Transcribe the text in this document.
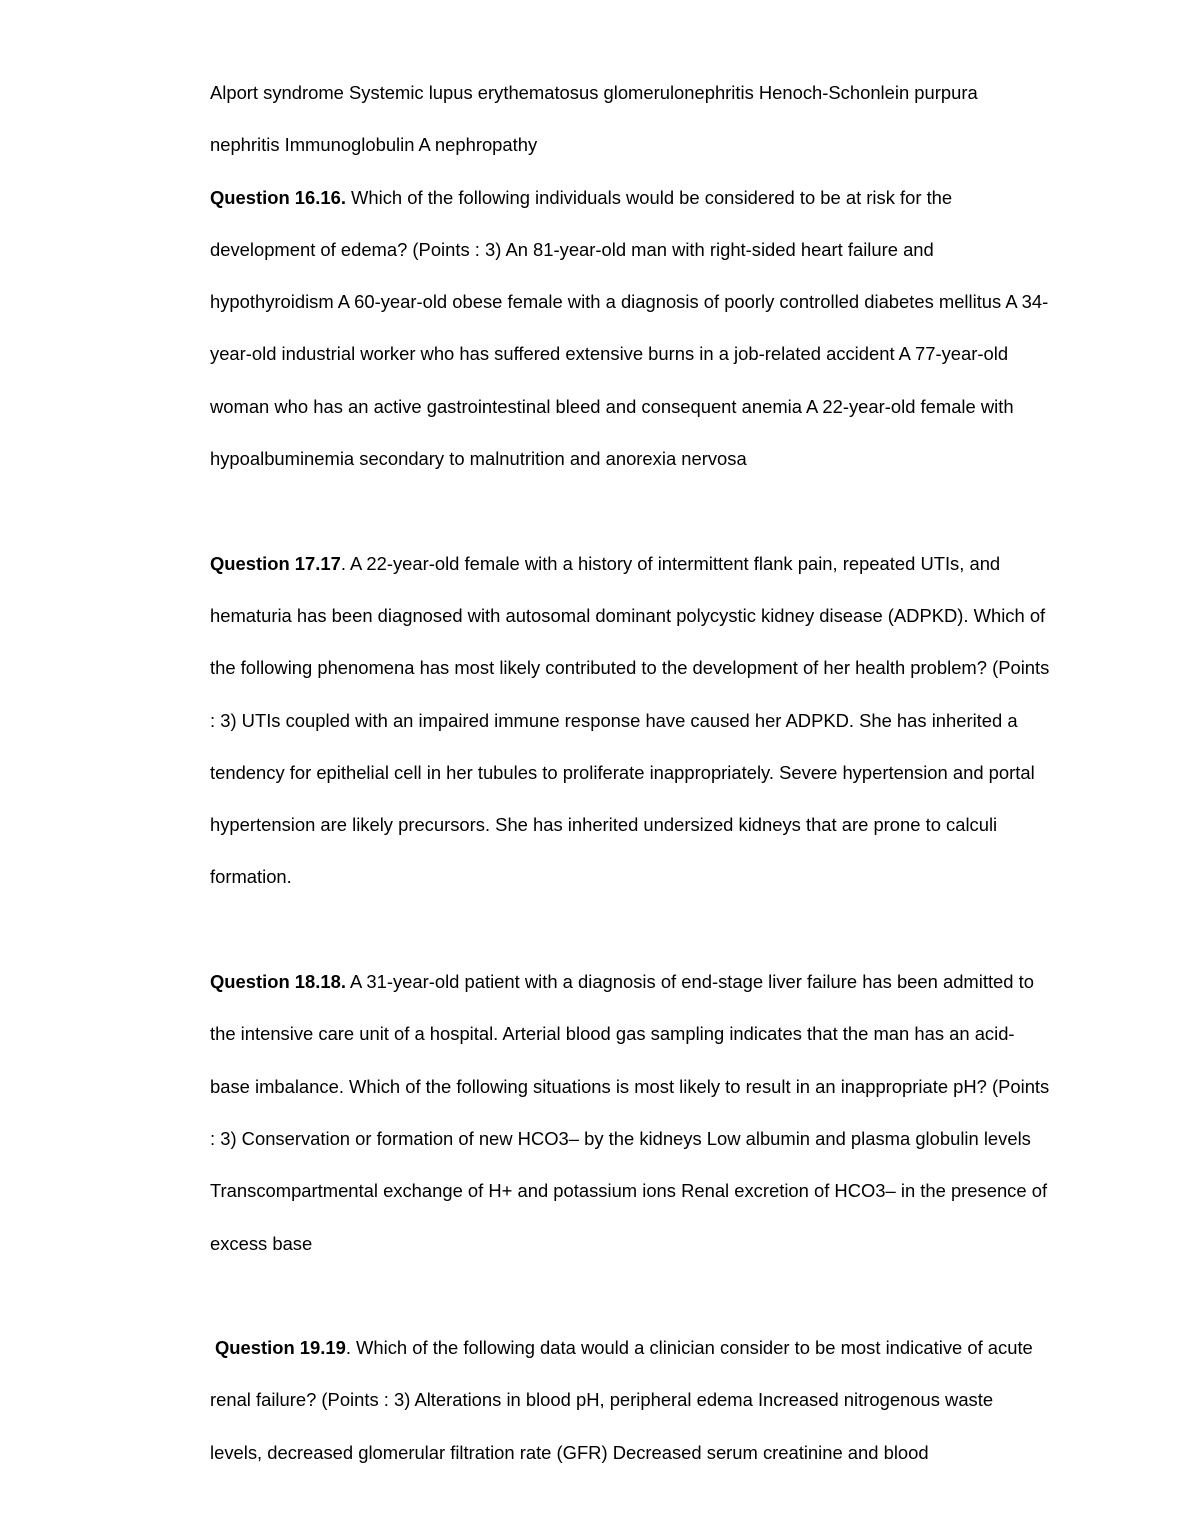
Alport syndrome Systemic lupus erythematosus glomerulonephritis Henoch-Schonlein purpura nephritis Immunoglobulin A nephropathy

Question 16.16. Which of the following individuals would be considered to be at risk for the development of edema? (Points : 3) An 81-year-old man with right-sided heart failure and hypothyroidism A 60-year-old obese female with a diagnosis of poorly controlled diabetes mellitus A 34-year-old industrial worker who has suffered extensive burns in a job-related accident A 77-year-old woman who has an active gastrointestinal bleed and consequent anemia A 22-year-old female with hypoalbuminemia secondary to malnutrition and anorexia nervosa

Question 17.17. A 22-year-old female with a history of intermittent flank pain, repeated UTIs, and hematuria has been diagnosed with autosomal dominant polycystic kidney disease (ADPKD). Which of the following phenomena has most likely contributed to the development of her health problem? (Points : 3) UTIs coupled with an impaired immune response have caused her ADPKD. She has inherited a tendency for epithelial cell in her tubules to proliferate inappropriately. Severe hypertension and portal hypertension are likely precursors. She has inherited undersized kidneys that are prone to calculi formation.

Question 18.18. A 31-year-old patient with a diagnosis of end-stage liver failure has been admitted to the intensive care unit of a hospital. Arterial blood gas sampling indicates that the man has an acid-base imbalance. Which of the following situations is most likely to result in an inappropriate pH? (Points : 3) Conservation or formation of new HCO3– by the kidneys Low albumin and plasma globulin levels Transcompartmental exchange of H+ and potassium ions Renal excretion of HCO3– in the presence of excess base

Question 19.19. Which of the following data would a clinician consider to be most indicative of acute renal failure? (Points : 3) Alterations in blood pH, peripheral edema Increased nitrogenous waste levels, decreased glomerular filtration rate (GFR) Decreased serum creatinine and blood
